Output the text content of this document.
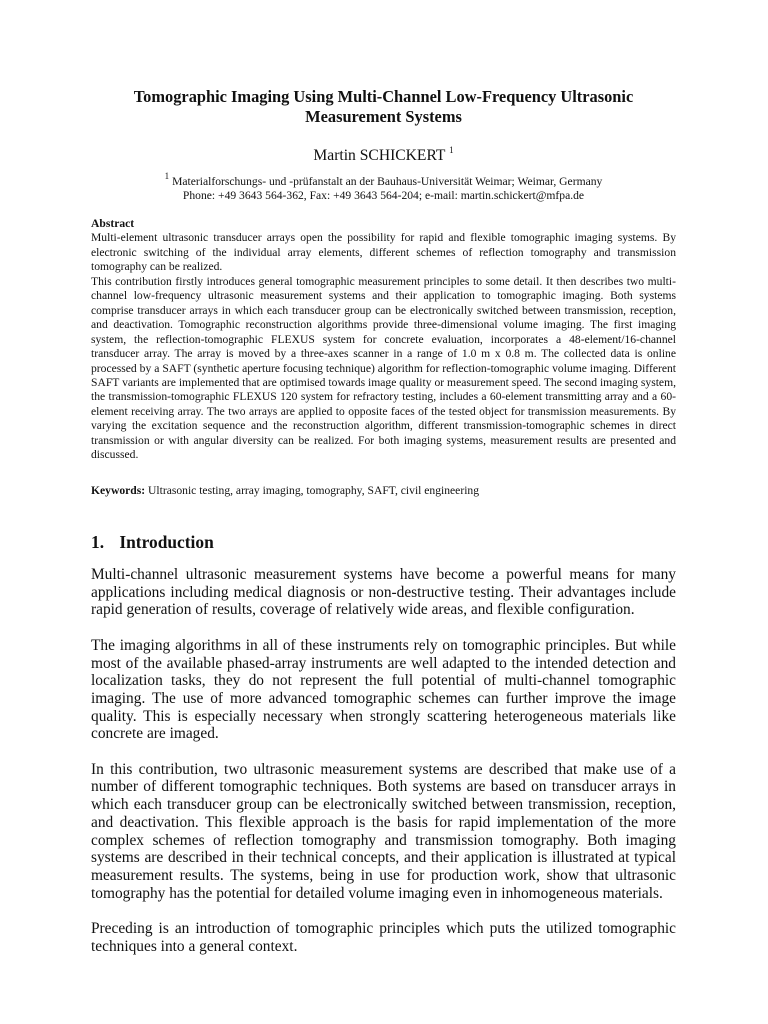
Tomographic Imaging Using Multi-Channel Low-Frequency Ultrasonic
Measurement Systems
Martin SCHICKERT $^1$
$^1$ Materialforschungs- und -prüfanstalt an der Bauhaus-Universität Weimar; Weimar, Germany
Phone: +49 3643 564-362, Fax: +49 3643 564-204; e-mail: martin.schickert@mfpa.de
Abstract

Multi-element ultrasonic transducer arrays open the possibility for rapid and flexible tomographic imaging systems. By electronic switching of the individual array elements, different schemes of reflection tomography and transmission tomography can be realized.

This contribution firstly introduces general tomographic measurement principles to some detail. It then describes two multi-channel low-frequency ultrasonic measurement systems and their application to tomographic imaging. Both systems comprise transducer arrays in which each transducer group can be electronically switched between transmission, reception, and deactivation. Tomographic reconstruction algorithms provide three-dimensional volume imaging. The first imaging system, the reflection-tomographic FLEXUS system for concrete evaluation, incorporates a 48-element/16-channel transducer array. The array is moved by a three-axes scanner in a range of 1.0 m x 0.8 m. The collected data is online processed by a SAFT (synthetic aperture focusing technique) algorithm for reflection-tomographic volume imaging. Different SAFT variants are implemented that are optimised towards image quality or measurement speed. The second imaging system, the transmission-tomographic FLEXUS 120 system for refractory testing, includes a 60-element transmitting array and a 60-element receiving array. The two arrays are applied to opposite faces of the tested object for transmission measurements. By varying the excitation sequence and the reconstruction algorithm, different transmission-tomographic schemes in direct transmission or with angular diversity can be realized. For both imaging systems, measurement results are presented and discussed.

Keywords: Ultrasonic testing, array imaging, tomography, SAFT, civil engineering
1. Introduction

Multi-channel ultrasonic measurement systems have become a powerful means for many applications including medical diagnosis or non-destructive testing. Their advantages include rapid generation of results, coverage of relatively wide areas, and flexible configuration.

The imaging algorithms in all of these instruments rely on tomographic principles. But while most of the available phased-array instruments are well adapted to the intended detection and localization tasks, they do not represent the full potential of multi-channel tomographic imaging. The use of more advanced tomographic schemes can further improve the image quality. This is especially necessary when strongly scattering heterogeneous materials like concrete are imaged.

In this contribution, two ultrasonic measurement systems are described that make use of a number of different tomographic techniques. Both systems are based on transducer arrays in which each transducer group can be electronically switched between transmission, reception, and deactivation. This flexible approach is the basis for rapid implementation of the more complex schemes of reflection tomography and transmission tomography. Both imaging systems are described in their technical concepts, and their application is illustrated at typical measurement results. The systems, being in use for production work, show that ultrasonic tomography has the potential for detailed volume imaging even in inhomogeneous materials.

Preceding is an introduction of tomographic principles which puts the utilized tomographic techniques into a general context.
